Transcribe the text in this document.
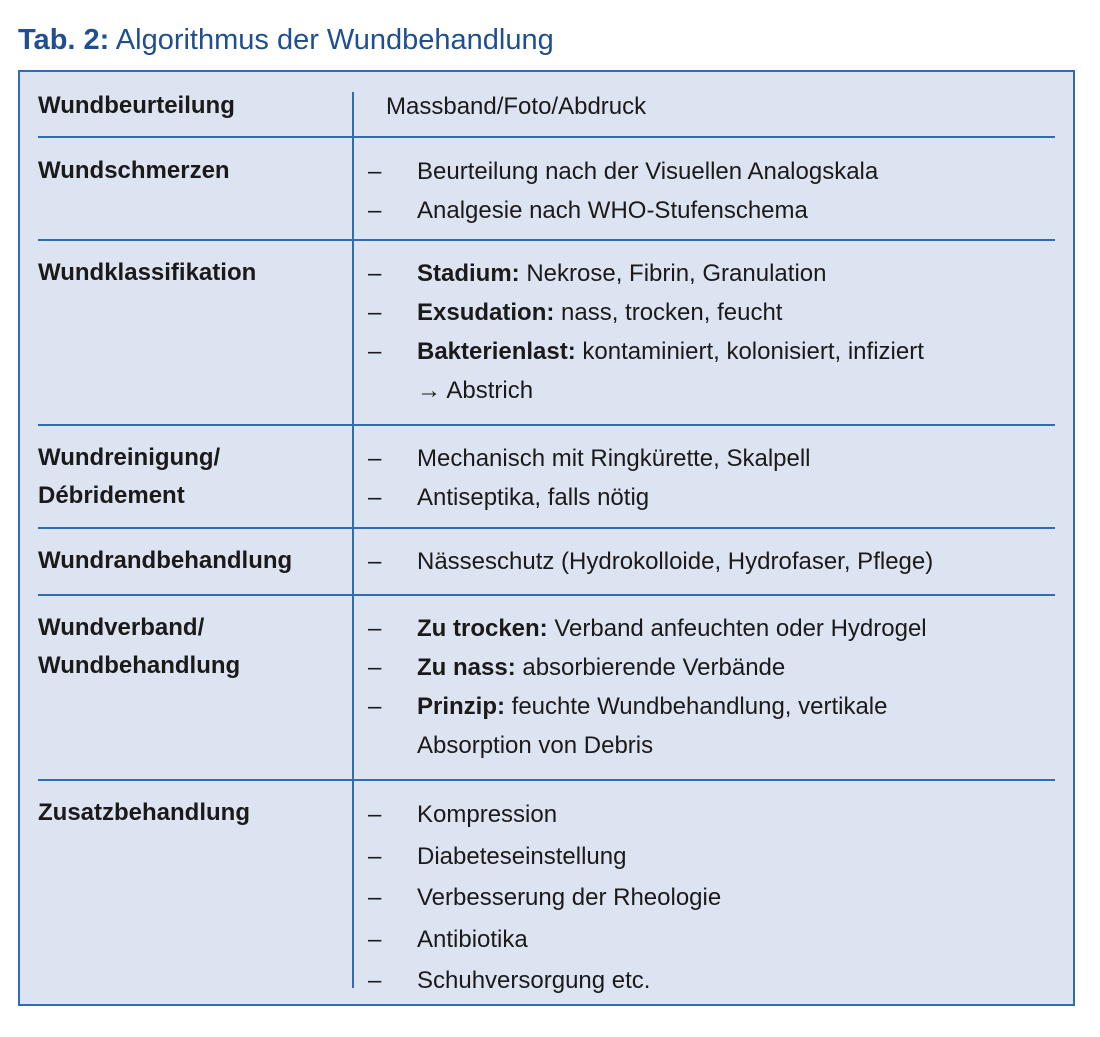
Tab. 2: Algorithmus der Wundbehandlung
Wundbeurteilung	Massband/Foto/Abdruck
Wundschmerzen	–	Beurteilung nach der Visuellen Analogskala
–	Analgesie nach WHO-Stufenschema
Wundklassifikation	–	Stadium: Nekrose, Fibrin, Granulation
–	Exsudation: nass, trocken, feucht
–	Bakterienlast: kontaminiert, kolonisiert, infiziert → Abstrich
Wundreinigung/ Débridement
–	Mechanisch mit Ringkürette, Skalpell
–	Antiseptika, falls nötig
Wundrandbehandlung	–	Nässeschutz (Hydrokolloide, Hydrofaser, Pflege)
Wundverband/ Wundbehandlung
–	Zu trocken: Verband anfeuchten oder Hydrogel
–	Zu nass: absorbierende Verbände
–	Prinzip: feuchte Wundbehandlung, vertikale Absorption von Debris
Zusatzbehandlung	–	Kompression
–	Diabeteseinstellung
–	Verbesserung der Rheologie
–	Antibiotika
–	Schuhversorgung etc.
